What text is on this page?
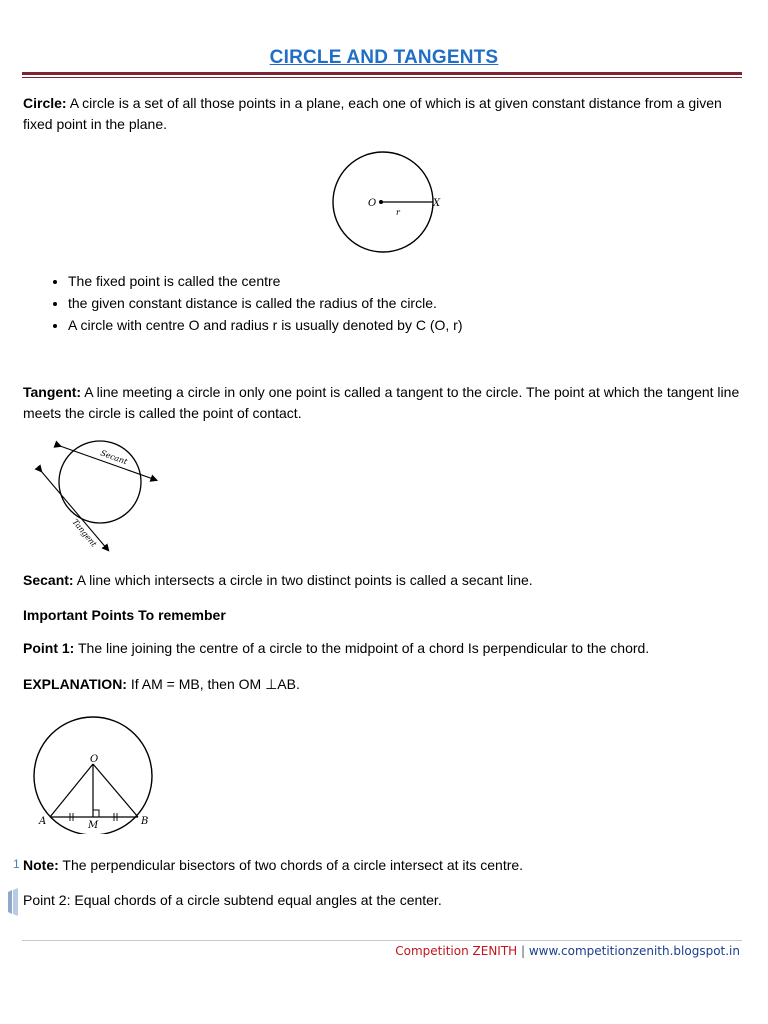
CIRCLE AND TANGENTS
Circle: A circle is a set of all those points in a plane, each one of which is at given constant distance from a given fixed point in the plane.
O	X
r
• The fixed point is called the centre
• the given constant distance is called the radius of the circle.
• A circle with centre O and radius r is usually denoted by C (O, r)
Tangent: A line meeting a circle in only one point is called a tangent to the circle. The point at which the tangent line meets the circle is called the point of contact.
Secant
Tangent
Secant: A line which intersects a circle in two distinct points is called a secant line.
Important Points To remember
Point 1: The line joining the centre of a circle to the midpoint of a chord Is perpendicular to the chord.
EXPLANATION: If AM = MB, then OM ⊥AB.
O
A	M	B
1 Note: The perpendicular bisectors of two chords of a circle intersect at its centre.
Point 2: Equal chords of a circle subtend equal angles at the center.
Competition ZENITH | www.competitionzenith.blogspot.in
